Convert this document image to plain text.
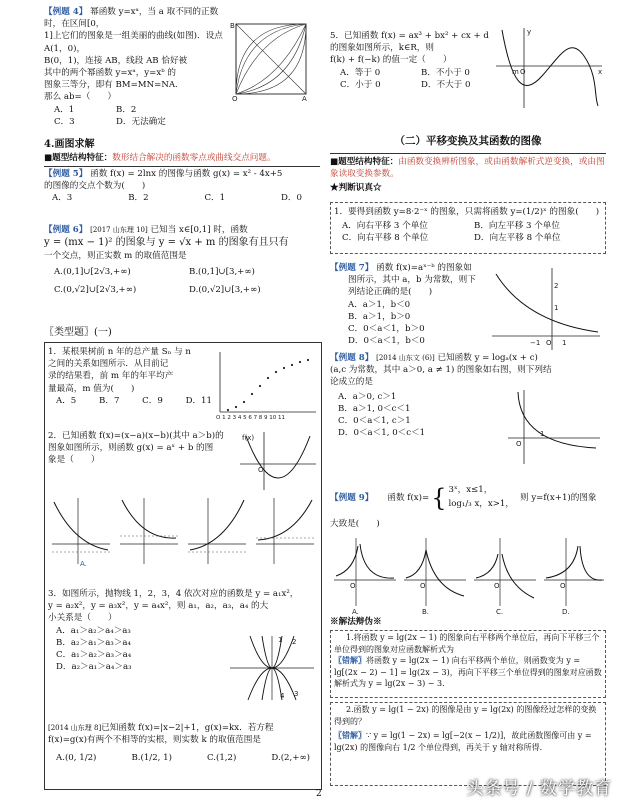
【例题 4】 幂函数 y=xᵃ，当 a 取不同的正数时，在区间[0，

1]上它们的图象是一组美丽的曲线(如图)．设点 A(1，0)，

B(0，1)，连接 AB，线段 AB 恰好被

其中的两个幂函数 y=xᵃ，y=xᵇ 的

图象三等分，即有 BM=MN=NA.

那么 ab=（　　）

A．1	B．2
C．3	D．无法确定
O	A
B

4.画图求解

■题型结构特征：数形结合解决的函数零点或曲线交点问题。

【例题 5】 函数 f(x) = 2lnx 的图像与函数 g(x) = x² - 4x+5

的图像的交点个数为(　　)

A．3	B．2	C．1	D．0

【例题 6】 [2017 山东理 10] 已知当 x∈[0,1] 时，函数

y = (mx − 1)² 的图象与 y = √x + m 的图象有且只有

一个交点，则正实数 m 的取值范围是

A.(0,1]∪[2√3,+∞)	B.(0,1]∪[3,+∞)
C.(0,√2]∪[2√3,+∞)	D.(0,√2]∪[3,+∞)

〖类型题〗(一)

1．某根果树前 n 年的总产量 Sₙ 与 n

之间的关系如图所示．从目前记

录的结果看，前 m 年的年平均产

量最高，m 值为(　　)

A．5	B．7	C．9	D．11
O 1 2 3 4 5 6 7 8 9 10 11

2．已知函数 f(x)=(x−a)(x−b)(其中 a＞b)的

图象如图所示，则函数 g(x) = aˣ + b 的图

象是（　　）

f(x)
O
A.

3．如图所示，抛物线 1，2，3，4 依次对应的函数是 y = a₁x²，

y = a₂x²，y = a₃x²，y = a₄x²，则 a₁，a₂，a₃，a₄ 的大

小关系是（　　）

A．a₁＞a₂＞a₄＞a₃

B．a₂＞a₁＞a₃＞a₄

C．a₁＞a₂＞a₃＞a₄

D．a₂＞a₁＞a₄＞a₃

1 2
3
4

[2014 山东理 8]已知函数 f(x)=|x−2|+1，g(x)=kx．若方程

f(x)=g(x)有两个不相等的实根，则实数 k 的取值范围是

A.(0, 1/2)	B.(1/2, 1)	C.(1,2)	D.(2,+∞)

5．已知函数 f(x) = ax³ + bx² + cx + d

的图象如图所示，k∈R，则

f(k) + f(−k) 的值一定（　　）

A．等于 0	B．不小于 0
C．小于 0	D．不大于 0
O
m	x
y

（二）平移变换及其函数的图像

■题型结构特征：由函数变换辨析图象，或由函数解析式逆变换，或由图象读取变换参数。

★判断识真☆

1．要得到函数 y=8·2⁻ˣ 的图象，只需将函数 y=(1/2)ˣ 的图象(　　)

A．向右平移 3 个单位	B．向左平移 3 个单位
C．向右平移 8 个单位	D．向左平移 8 个单位

【例题 7】 函数 f(x)=aˣ⁻ᵇ 的图象如

图所示，其中 a，b 为常数，则下

列结论正确的是(　　)

A．a＞1，b＜0

B．a＞1，b＞0

C．0＜a＜1，b＞0

D．0＜a＜1，b＜0

2
1
O 1
−1

【例题 8】 [2014 山东文 (6)] 已知函数 y = logₐ(x + c)

(a,c 为常数，其中 a＞0, a ≠ 1) 的图象如右图，则下列结

论成立的是

A．a＞0, c＞1

B．a＞1, 0＜c＜1

C．0＜a＜1, c＞1

D．0＜a＜1, 0＜c＜1

O
1
【例题 9】 函数 f(x)= { 3ˣ，x≤1，
log₁/₃ x，x>1，
则 y=f(x+1)的图象

大致是(　　)

O
A.
O
B.
O
C.
O
D.

※解法辩伪※

1.将函数 y = lg(2x − 1) 的图象向右平移两个单位后，再向下平移三个单位得到的图象对应函数解析式为

〖错解〗将函数 y = lg(2x − 1) 向右平移两个单位，则函数变为 y = lg[(2x − 2) − 1] = lg(2x − 3)，再向下平移三个单位得到的图象对应函数解析式为 y = lg(2x − 3) − 3．

2.函数 y = lg(1 − 2x) 的图像是由 y = lg(2x) 的图像经过怎样的变换得到的？

〖错解〗∵ y = lg(1 − 2x) = lg[−2(x − 1/2)]，故此函数图像可由 y = lg(2x) 的图像向右 1/2 个单位得到，再关于 y 轴对称所得．

2	头条号 / 数学教育
